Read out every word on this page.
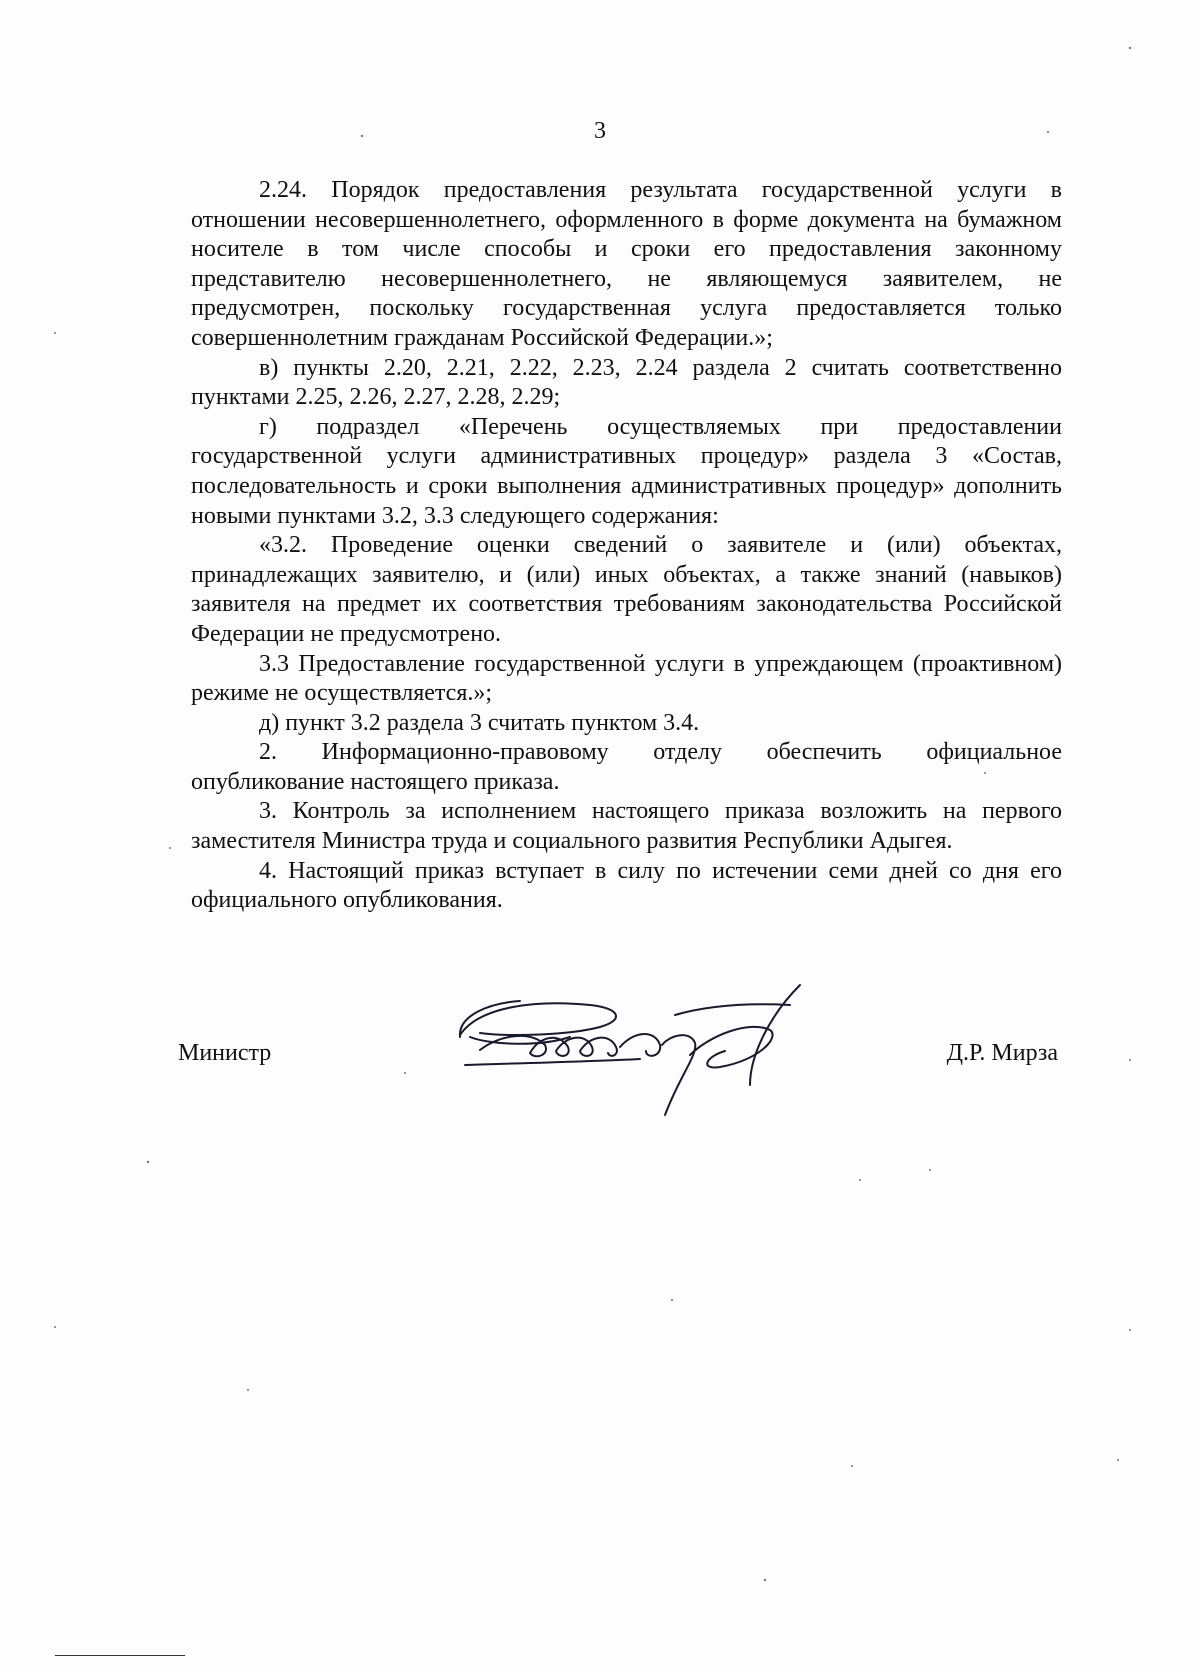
3

2.24. Порядок предоставления результата государственной услуги в отношении несовершеннолетнего, оформленного в форме документа на бумажном носителе в том числе способы и сроки его предоставления законному представителю несовершеннолетнего, не являющемуся заявителем, не предусмотрен, поскольку государственная услуга предоставляется только совершеннолетним гражданам Российской Федерации.»;

в) пункты 2.20, 2.21, 2.22, 2.23, 2.24 раздела 2 считать соответственно пунктами 2.25, 2.26, 2.27, 2.28, 2.29;

г) подраздел «Перечень осуществляемых при предоставлении государственной услуги административных процедур» раздела 3 «Состав, последовательность и сроки выполнения административных процедур» дополнить новыми пунктами 3.2, 3.3 следующего содержания:

«3.2. Проведение оценки сведений о заявителе и (или) объектах, принадлежащих заявителю, и (или) иных объектах, а также знаний (навыков) заявителя на предмет их соответствия требованиям законодательства Российской Федерации не предусмотрено.

3.3 Предоставление государственной услуги в упреждающем (проактивном) режиме не осуществляется.»;

д) пункт 3.2 раздела 3 считать пунктом 3.4.

2. Информационно-правовому отделу обеспечить официальное опубликование настоящего приказа.

3. Контроль за исполнением настоящего приказа возложить на первого заместителя Министра труда и социального развития Республики Адыгея.

4. Настоящий приказ вступает в силу по истечении семи дней со дня его официального опубликования.

Министр	Д.Р. Мирза
